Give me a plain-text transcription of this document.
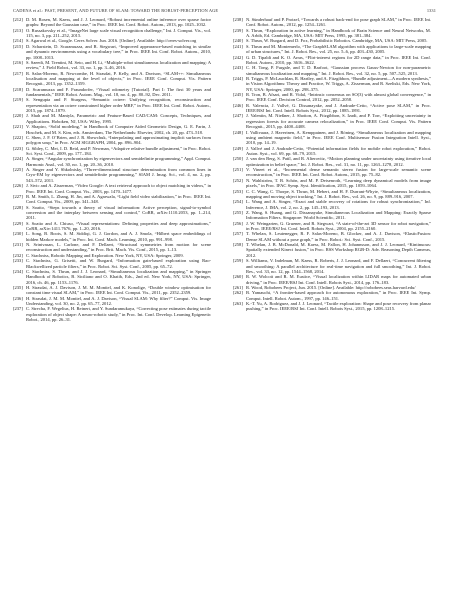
CADENA et al.: PAST, PRESENT, AND FUTURE OF SLAM: TOWARD THE ROBUST-PERCEPTION AGE	1331
[212] D. M. Rosen, M. Kaess, and J. J. Leonard, “Robust incremental online inference over sparse factor graphs: Beyond the Gaussian case,” in Proc. IEEE Int. Conf. Robot. Autom., 2013, pp. 1025–1032.
[213] O. Russakovsky et al., “ImageNet large scale visual recognition challenge,” Int. J. Comput. Vis., vol. 115, no. 3, pp. 211–252, 2015.
[214] S. Agarwal et al., Google. Ceres Solver. Jun. 2016. [Online]. Available: http://ceres-solver.org
[215] D. Scharstein, D. Scaramuzza, and R. Siegwart, “Improved appearance-based matching in similar and dynamic environments using a vocabulary tree,” in Proc. IEEE Int. Conf. Robot. Autom., 2010, pp. 1008–1013.
[216] S. Saeedi, M. Trentini, M. Seto, and H. Li, “Multiple-robot simultaneous localization and mapping: A review,” J. Field Robot., vol. 33, no. 1, pp. 3–46, 2016.
[217] R. Salas-Moreno, R. Newcombe, H. Strasdat, P. Kelly, and A. Davison, “SLAM++: Simultaneous localisation and mapping at the level of objects,” in Proc. IEEE Conf. Comput. Vis. Pattern Recognit., 2013, pp. 1352–1359.
[218] D. Scaramuzza and F. Fraundorfer, “Visual odometry [Tutorial]. Part I: The first 30 years and fundamentals,” IEEE Robot. Autom. Mag., vol. 18, no. 4, pp. 80–92, Dec. 2011.
[219] S. Sengupta and P. Sturgess, “Semantic octree: Unifying recognition, reconstruction and representation via an octree constrained higher order MRF,” in Proc. IEEE Int. Conf. Robot. Autom., 2015, pp. 1874–1879.
[220] J. Shah and M. Mantyla, Parametric and Feature-Based CAD/CAM: Concepts, Techniques, and Applications. Hoboken, NJ, USA: Wiley, 1995.
[221] V. Shapiro, “Solid modeling,” in Handbook of Computer Aided Geometric Design, G. E. Farin, J. Hoschek, and M. S. Kim, eds. Amsterdam, The Netherlands: Elsevier, 2002, ch. 20, pp. 473–518.
[222] C. Shen, J. F. O’Brien, and J. R. Shewchuk, “Interpolating and approximating implicit surfaces from polygon soup,” in Proc. ACM SIGGRAPH, 2004, pp. 896–904.
[223] G. Sibley, C. Mei, I. D. Reid, and P. Newman, “Adaptive relative bundle adjustment,” in Proc. Robot. Sci. Syst. Conf., 2009, pp. 177–184.
[224] A. Singer, “Angular synchronization by eigenvectors and semidefinite programming,” Appl. Comput. Harmonic Anal., vol. 30, no. 1, pp. 20–36, 2010.
[225] A. Singer and Y. Shkolnisky, “Three-dimensional structure determination from common lines in Cryo-EM by eigenvectors and semidefinite programming,” SIAM J. Imag. Sci., vol. 4, no. 2, pp. 543–572, 2011.
[226] J. Sivic and A. Zisserman, “Video Google: A text retrieval approach to object matching in videos,” in Proc. IEEE Int. Conf. Comput. Vis., 2003, pp. 1470–1477.
[227] B. M. Smith, L. Zhang, H. Jin, and A. Agarwala, “Light field video stabilization,” in Proc. IEEE Int. Conf. Comput. Vis., 2009, pp. 341–348.
[228] S. Soatto, “Steps towards a theory of visual information: Active perception, signal-to-symbol conversion and the interplay between sensing and control,” CoRR, arXiv:1110.2053, pp. 1–214, 2011.
[229] S. Soatto and A. Chiuso, “Visual representations: Defining properties and deep approximations,” CoRR, arXiv:1411.7676, pp. 1–20, 2016.
[230] L. Song, B. Boots, S. M. Siddiqi, G. J. Gordon, and A. J. Smola, “Hilbert space embeddings of hidden Markov models,” in Proc. Int. Conf. Mach. Learning, 2010, pp. 991–998.
[231] N. Srinivasan, L. Carlone, and F. Dellaert, “Structural symmetries from motion for scene reconstruction and understanding,” in Proc. Brit. Mach. Vis. Conf., 2015, pp. 1–13.
[232] C. Stachniss, Robotic Mapping and Exploration. New York, NY, USA: Springer, 2009.
[233] C. Stachniss, G. Grisetti, and W. Burgard, “Information gain-based exploration using Rao-Blackwellized particle filters,” in Proc. Robot. Sci. Syst. Conf., 2005, pp. 65–72.
[234] C. Stachniss, S. Thrun, and J. J. Leonard, “Simultaneous localization and mapping,” in Springer Handbook of Robotics, B. Siciliano and O. Khatib, Eds., 2nd ed. New York, NY, USA: Springer, 2016, ch. 46, pp. 1153–1176.
[235] H. Strasdat, A. J. Davison, J. M. M. Montiel, and K. Konolige, “Double window optimisation for constant time visual SLAM,” in Proc. IEEE Int. Conf. Comput. Vis., 2011, pp. 2352–2359.
[236] H. Strasdat, J. M. M. Montiel, and A. J. Davison, “Visual SLAM: Why filter?” Comput. Vis. Image Understanding, vol. 30, no. 2, pp. 65–77, 2012.
[237] C. Strecha, F. Wegelius, H. Reinert, and Y. Sundaramukaya, “Correcting pose estimates during tactile exploration of object shape: A neuro-robotic study,” in Proc. Int. Conf. Develop. Learning Epigenetic Robot., 2014, pp. 26–31.
[238] N. Sünderhauf and P. Protzel, “Towards a robust back-end for pose graph SLAM,” in Proc. IEEE Int. Conf. Robot. Autom., 2012, pp. 1254–1261.
[239] S. Thrun, “Exploration in active learning,” in Handbook of Brain Science and Neural Networks, M. A. Arbib, Ed. Cambridge, MA, USA: MIT Press, 1995, pp. 381–384.
[240] S. Thrun, W. Burgard, and D. Fox, Probabilistic Robotics. Cambridge, MA, USA: MIT Press, 2005.
[241] S. Thrun and M. Montemerlo, “The GraphSLAM algorithm with applications to large-scale mapping of urban structures,” Int. J. Robot. Res., vol. 25, no. 5–6, pp. 403–430, 2005.
[242] G. D. Tipaldi and K. O. Arras, “Flirt-interest regions for 2D range data,” in Proc. IEEE Int. Conf. Robot. Autom., 2010, pp. 3616–3622.
[243] C. H. Tong, P. Furgale, and T. D. Barfoot, “Gaussian process Gauss-Newton for non-parametric simultaneous localization and mapping,” Int. J. Robot. Res., vol. 32, no. 5, pp. 507–525, 2013.
[244] B. Triggs, P. McLauchlan, R. Hartley, and A. Fitzgibbon, “Bundle adjustment—A modern synthesis,” in Vision Algorithms: Theory and Practice, W. Triggs, A. Zisserman, and R. Szeliski, Eds. New York, NY, USA: Springer, 2000, pp. 298–375.
[245] R. Tron, B. Afsari, and R. Vidal, “Intrinsic consensus on SO(3) with almost global convergence,” in Proc. IEEE Conf. Decision Control, 2012, pp. 2052–2058.
[246] R. Valencia, J. Vallvé, G. Dissanayake, and J. Andrade-Cetto, “Active pose SLAM,” in Proc. IEEE/RSJ Int. Conf. Intell. Robots Syst., 2012, pp. 1885–1891.
[247] J. Valentin, M. Nießner, J. Shotton, A. Fitzgibbon, S. Izadi, and P. Torr, “Exploiting uncertainty in regression forests for accurate camera relocalization,” in Proc. IEEE Conf. Comput. Vis. Pattern Recognit., 2015, pp. 4400–4408.
[248] I. Vallivaara, J. Haverinen, A. Kemppainen, and J. Röning, “Simultaneous localization and mapping using ambient magnetic field,” in Proc. IEEE Conf. Multisensor Fusion Integration Intell. Syst., 2010, pp. 14–19.
[249] J. Vallvé and J. Andrade-Cetto, “Potential information fields for mobile robot exploration,” Robot. Auton. Syst., vol. 69, pp. 68–79, 2015.
[250] J. van den Berg, S. Patil, and R. Alterovitz, “Motion planning under uncertainty using iterative local optimization in belief space,” Int. J. Robot. Res., vol. 31, no. 11, pp. 1263–1278, 2012.
[251] V. Vineet et al., “Incremental dense semantic stereo fusion for large-scale semantic scene reconstruction,” in Proc. IEEE Int. Conf. Robot. Autom., 2015, pp. 75–82.
[252] N. Wahlström, T. B. Schön, and M. P. Deisenroth, “Learning deep dynamical models from image pixels,” in Proc. IFAC Symp. Syst. Identification, 2015, pp. 1059–1064.
[253] C. C. Wang, C. Thorpe, S. Thrun, M. Hebert, and H. F. Durrant-Whyte, “Simultaneous localization, mapping and moving object tracking,” Int. J. Robot. Res., vol. 26, no. 9, pp. 889–916, 2007.
[254] L. Wang and A. Singer, “Exact and stable recovery of rotations for robust synchronization,” Inf. Inference, J. IMA, vol. 2, no. 2, pp. 145–193, 2013.
[255] Z. Wang, S. Huang, and G. Dissanayake, Simultaneous Localization and Mapping: Exactly Sparse Information Filters. Singapore: World Scientific, 2011.
[256] J. W. Weingarten, G. Gruener, and R. Siegwart, “A state-of-the-art 3D sensor for robot navigation,” in Proc. IEEE/RSJ Int. Conf. Intell. Robots Syst., 2004, pp. 2155–2160.
[257] T. Whelan, S. Leutenegger, R. F. Salas-Moreno, B. Glocker, and A. J. Davison, “ElasticFusion: Dense SLAM without a pose graph,” in Proc. Robot.: Sci. Syst. Conf., 2015.
[258] T. Whelan, J. B. McDonald, M. Kaess, M. Fallon, H. Johannsson, and J. J. Leonard, “Kintinuous: Spatially extended Kinect fusion,” in Proc. RSS Workshop RGB-D: Adv. Reasoning Depth Cameras, 2012.
[259] S. Williams, V. Indelman, M. Kaess, R. Roberts, J. J. Leonard, and F. Dellaert, “Concurrent filtering and smoothing: A parallel architecture for real-time navigation and full smoothing,” Int. J. Robot. Res., vol. 33, no. 12, pp. 1544–1568, 2014.
[260] R. W. Wolcott and R. M. Eustice, “Visual localization within LIDAR maps for automated urban driving,” in Proc. IEEE/RSJ Int. Conf. Intell. Robots Syst., 2014, pp. 176–183.
[261] R. Wood, Robobees Project, Jun. 2015. [Online]. Available: http://robobees.seas.harvard.edu/
[262] B. Yamauchi, “A frontier-based approach for autonomous exploration,” in Proc. IEEE Int. Symp. Comput. Intell. Robot. Autom., 1997, pp. 146–151.
[263] K.-T. Yu, A. Rodriguez, and J. J. Leonard, “Tactile exploration: Shape and pose recovery from planar pushing,” in Proc. IEEE/RSJ Int. Conf. Intell. Robots Syst., 2015, pp. 1208–1215.
